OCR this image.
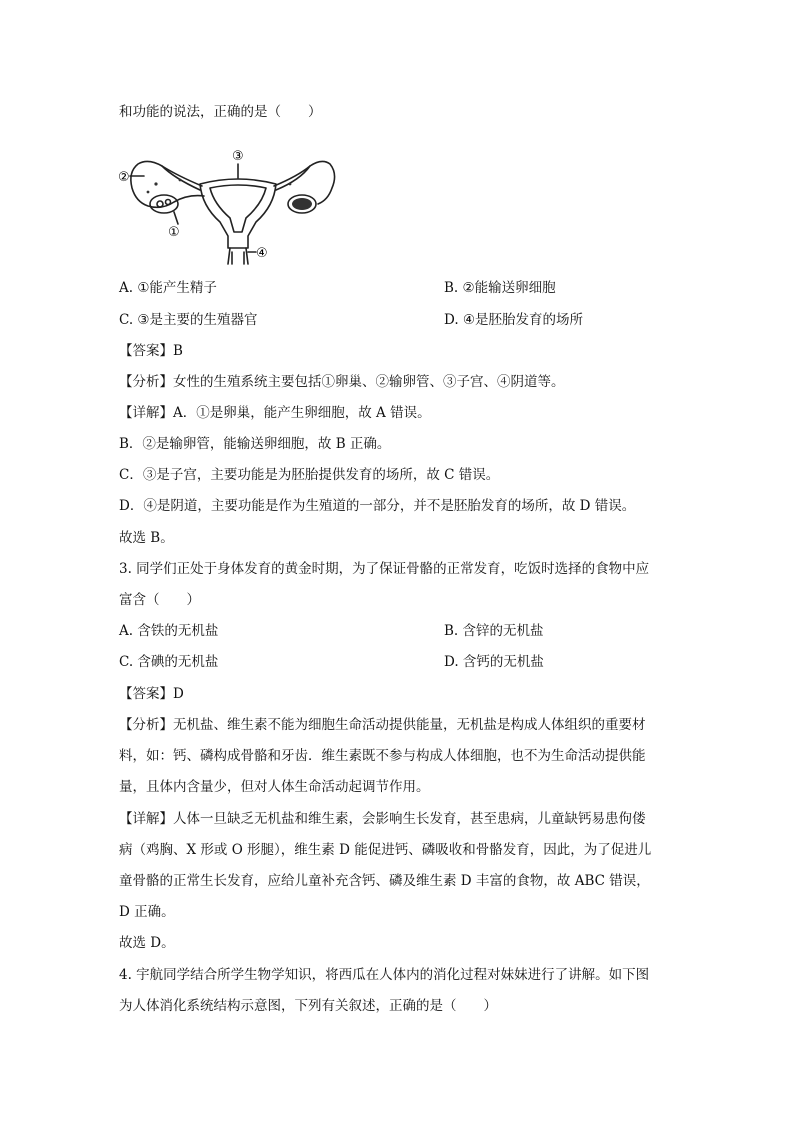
和功能的说法，正确的是（　　）
②
③
①
④
A. ①能产生精子	B. ②能输送卵细胞
C. ③是主要的生殖器官	D. ④是胚胎发育的场所
【答案】B
【分析】女性的生殖系统主要包括①卵巢、②输卵管、③子宫、④阴道等。
【详解】A．①是卵巢，能产生卵细胞，故 A 错误。
B．②是输卵管，能输送卵细胞，故 B 正确。
C．③是子宫，主要功能是为胚胎提供发育的场所，故 C 错误。
D．④是阴道，主要功能是作为生殖道的一部分，并不是胚胎发育的场所，故 D 错误。
故选 B。
3. 同学们正处于身体发育的黄金时期，为了保证骨骼的正常发育，吃饭时选择的食物中应
富含（　　）
A. 含铁的无机盐	B. 含锌的无机盐
C. 含碘的无机盐	D. 含钙的无机盐
【答案】D
【分析】无机盐、维生素不能为细胞生命活动提供能量，无机盐是构成人体组织的重要材
料，如：钙、磷构成骨骼和牙齿．维生素既不参与构成人体细胞，也不为生命活动提供能
量，且体内含量少，但对人体生命活动起调节作用。
【详解】人体一旦缺乏无机盐和维生素，会影响生长发育，甚至患病，儿童缺钙易患佝偻
病（鸡胸、X 形或 O 形腿），维生素 D 能促进钙、磷吸收和骨骼发育，因此，为了促进儿
童骨骼的正常生长发育，应给儿童补充含钙、磷及维生素 D 丰富的食物，故 ABC 错误，
D 正确。
故选 D。
4. 宇航同学结合所学生物学知识，将西瓜在人体内的消化过程对妹妹进行了讲解。如下图
为人体消化系统结构示意图，下列有关叙述，正确的是（　　）
